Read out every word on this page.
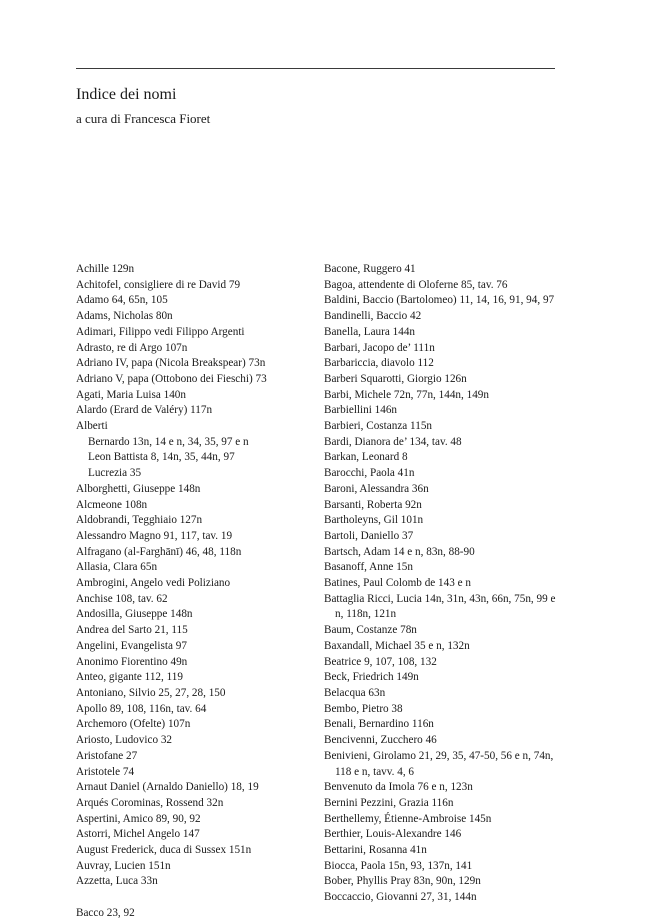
Indice dei nomi
a cura di Francesca Fioret

Achille 129n

Achitofel, consigliere di re David 79

Adamo 64, 65n, 105

Adams, Nicholas 80n

Adimari, Filippo vedi Filippo Argenti

Adrasto, re di Argo 107n

Adriano IV, papa (Nicola Breakspear) 73n

Adriano V, papa (Ottobono dei Fieschi) 73

Agati, Maria Luisa 140n

Alardo (Erard de Valéry) 117n

Alberti

Bernardo 13n, 14 e n, 34, 35, 97 e n

Leon Battista 8, 14n, 35, 44n, 97

Lucrezia 35

Alborghetti, Giuseppe 148n

Alcmeone 108n

Aldobrandi, Tegghiaio 127n

Alessandro Magno 91, 117, tav. 19

Alfragano (al-Farghānī) 46, 48, 118n

Allasia, Clara 65n

Ambrogini, Angelo vedi Poliziano

Anchise 108, tav. 62

Andosilla, Giuseppe 148n

Andrea del Sarto 21, 115

Angelini, Evangelista 97

Anonimo Fiorentino 49n

Anteo, gigante 112, 119

Antoniano, Silvio 25, 27, 28, 150

Apollo 89, 108, 116n, tav. 64

Archemoro (Ofelte) 107n

Ariosto, Ludovico 32

Aristofane 27

Aristotele 74

Arnaut Daniel (Arnaldo Daniello) 18, 19

Arqués Corominas, Rossend 32n

Aspertini, Amico 89, 90, 92

Astorri, Michel Angelo 147

August Frederick, duca di Sussex 151n

Auvray, Lucien 151n

Azzetta, Luca 33n

Bacco 23, 92

Bacone, Ruggero 41

Bagoa, attendente di Oloferne 85, tav. 76

Baldini, Baccio (Bartolomeo) 11, 14, 16, 91, 94, 97

Bandinelli, Baccio 42

Banella, Laura 144n

Barbari, Jacopo de’ 111n

Barbariccia, diavolo 112

Barberi Squarotti, Giorgio 126n

Barbi, Michele 72n, 77n, 144n, 149n

Barbiellini 146n

Barbieri, Costanza 115n

Bardi, Dianora de’ 134, tav. 48

Barkan, Leonard 8

Barocchi, Paola 41n

Baroni, Alessandra 36n

Barsanti, Roberta 92n

Bartholeyns, Gil 101n

Bartoli, Daniello 37

Bartsch, Adam 14 e n, 83n, 88-90

Basanoff, Anne 15n

Batines, Paul Colomb de 143 e n

Battaglia Ricci, Lucia 14n, 31n, 43n, 66n, 75n, 99 e n, 118n, 121n

Baum, Costanze 78n

Baxandall, Michael 35 e n, 132n

Beatrice 9, 107, 108, 132

Beck, Friedrich 149n

Belacqua 63n

Bembo, Pietro 38

Benali, Bernardino 116n

Bencivenni, Zucchero 46

Benivieni, Girolamo 21, 29, 35, 47-50, 56 e n, 74n, 118 e n, tavv. 4, 6

Benvenuto da Imola 76 e n, 123n

Bernini Pezzini, Grazia 116n

Berthellemy, Étienne-Ambroise 145n

Berthier, Louis-Alexandre 146

Bettarini, Rosanna 41n

Biocca, Paola 15n, 93, 137n, 141

Bober, Phyllis Pray 83n, 90n, 129n

Boccaccio, Giovanni 27, 31, 144n
